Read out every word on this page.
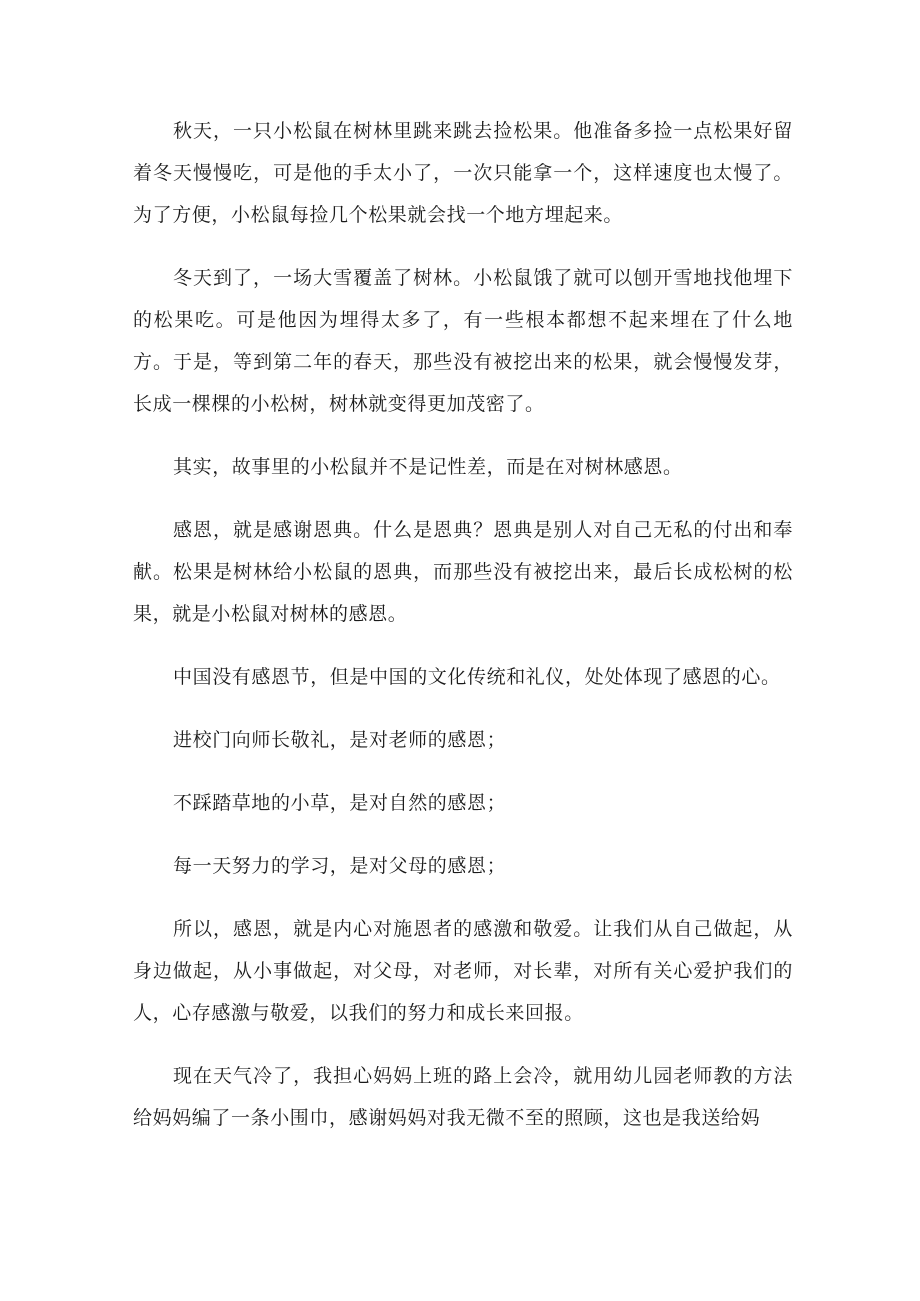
秋天，一只小松鼠在树林里跳来跳去捡松果。他准备多捡一点松果好留着冬天慢慢吃，可是他的手太小了，一次只能拿一个，这样速度也太慢了。为了方便，小松鼠每捡几个松果就会找一个地方埋起来。

冬天到了，一场大雪覆盖了树林。小松鼠饿了就可以刨开雪地找他埋下的松果吃。可是他因为埋得太多了，有一些根本都想不起来埋在了什么地方。于是，等到第二年的春天，那些没有被挖出来的松果，就会慢慢发芽，长成一棵棵的小松树，树林就变得更加茂密了。

其实，故事里的小松鼠并不是记性差，而是在对树林感恩。

感恩，就是感谢恩典。什么是恩典？恩典是别人对自己无私的付出和奉献。松果是树林给小松鼠的恩典，而那些没有被挖出来，最后长成松树的松果，就是小松鼠对树林的感恩。

中国没有感恩节，但是中国的文化传统和礼仪，处处体现了感恩的心。

进校门向师长敬礼，是对老师的感恩；

不踩踏草地的小草，是对自然的感恩；

每一天努力的学习，是对父母的感恩；

所以，感恩，就是内心对施恩者的感激和敬爱。让我们从自己做起，从身边做起，从小事做起，对父母，对老师，对长辈，对所有关心爱护我们的人，心存感激与敬爱，以我们的努力和成长来回报。

现在天气冷了，我担心妈妈上班的路上会冷，就用幼儿园老师教的方法给妈妈编了一条小围巾，感谢妈妈对我无微不至的照顾，这也是我送给妈
